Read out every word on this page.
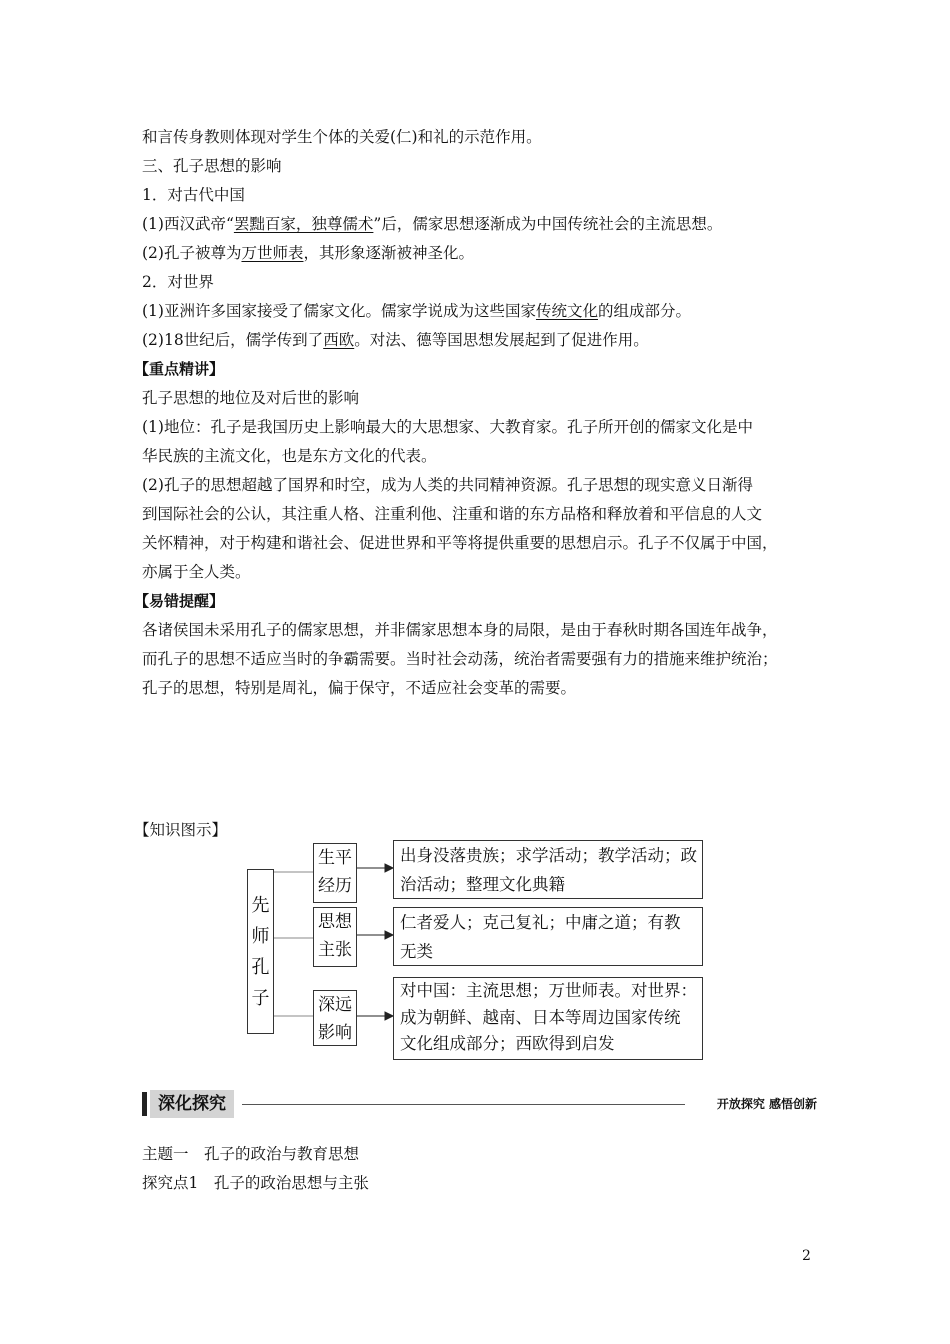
和言传身教则体现对学生个体的关爱(仁)和礼的示范作用。
三、孔子思想的影响
1．对古代中国
(1)西汉武帝“罢黜百家，独尊儒术”后，儒家思想逐渐成为中国传统社会的主流思想。
(2)孔子被尊为万世师表，其形象逐渐被神圣化。
2．对世界
(1)亚洲许多国家接受了儒家文化。儒家学说成为这些国家传统文化的组成部分。
(2)18世纪后，儒学传到了西欧。对法、德等国思想发展起到了促进作用。
【重点精讲】
孔子思想的地位及对后世的影响
(1)地位：孔子是我国历史上影响最大的大思想家、大教育家。孔子所开创的儒家文化是中
华民族的主流文化，也是东方文化的代表。
(2)孔子的思想超越了国界和时空，成为人类的共同精神资源。孔子思想的现实意义日渐得
到国际社会的公认，其注重人格、注重利他、注重和谐的东方品格和释放着和平信息的人文
关怀精神，对于构建和谐社会、促进世界和平等将提供重要的思想启示。孔子不仅属于中国，
亦属于全人类。
【易错提醒】
各诸侯国未采用孔子的儒家思想，并非儒家思想本身的局限，是由于春秋时期各国连年战争，
而孔子的思想不适应当时的争霸需要。当时社会动荡，统治者需要强有力的措施来维护统治；
孔子的思想，特别是周礼，偏于保守，不适应社会变革的需要。
【知识图示】
先
师
孔
子
生平
经历
思想
主张
深远
影响
出身没落贵族；求学活动；教学活动；政
治活动；整理文化典籍
仁者爱人；克己复礼；中庸之道；有教
无类
对中国：主流思想；万世师表。对世界：
成为朝鲜、越南、日本等周边国家传统
文化组成部分；西欧得到启发
深化探究	开放探究 感悟创新
主题一　孔子的政治与教育思想
探究点1　孔子的政治思想与主张
2
